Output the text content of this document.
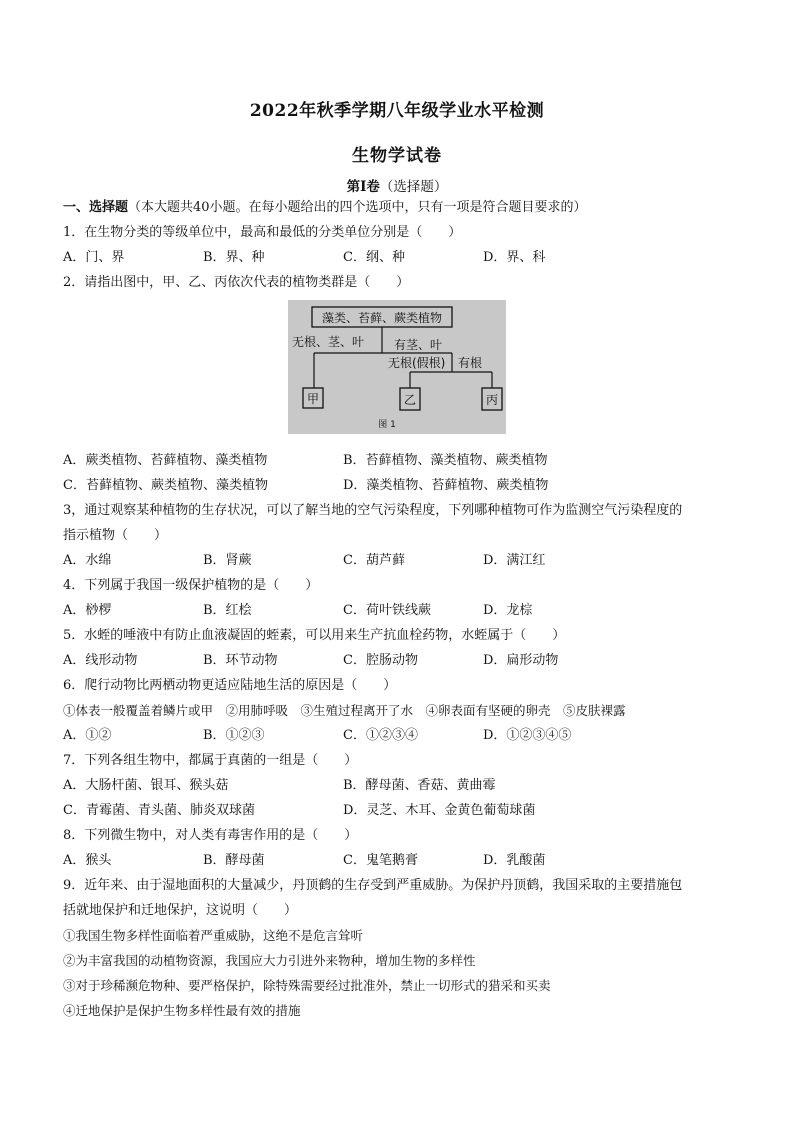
2022年秋季学期八年级学业水平检测
生物学试卷
第Ⅰ卷（选择题）
一、选择题（本大题共40小题。在每小题给出的四个选项中，只有一项是符合题目要求的）
1．在生物分类的等级单位中，最高和最低的分类单位分别是（　　）
A．门、界	B．界、种	C．纲、种	D．界、科
2．请指出图中，甲、乙、丙依次代表的植物类群是（　　）
藻类、苔藓、蕨类植物
无根、茎、叶 有茎、叶
甲
无根(假根) 有根
乙	丙
图 1
A．蕨类植物、苔藓植物、藻类植物	B．苔藓植物、藻类植物、蕨类植物
C．苔藓植物、蕨类植物、藻类植物	D．藻类植物、苔藓植物、蕨类植物
3，通过观察某种植物的生存状况，可以了解当地的空气污染程度，下列哪种植物可作为监测空气污染程度的
指示植物（　　）
A．水绵	B．肾蕨	C．葫芦藓	D．满江红
4．下列属于我国一级保护植物的是（　　）
A．桫椤	B．红桧	C．荷叶铁线蕨	D．龙棕
5．水蛭的唾液中有防止血液凝固的蛭素，可以用来生产抗血栓药物，水蛭属于（　　）
A．线形动物	B．环节动物	C．腔肠动物	D．扁形动物
6．爬行动物比两栖动物更适应陆地生活的原因是（　　）
①体表一般覆盖着鳞片或甲　②用肺呼吸　③生殖过程离开了水　④卵表面有坚硬的卵壳　⑤皮肤裸露
A．①②	B．①②③	C．①②③④	D．①②③④⑤
7．下列各组生物中，都属于真菌的一组是（　　）
A．大肠杆菌、银耳、猴头菇	B．酵母菌、香菇、黄曲霉
C．青霉菌、青头菌、肺炎双球菌	D．灵芝、木耳、金黄色葡萄球菌
8．下列微生物中，对人类有毒害作用的是（　　）
A．猴头	B．酵母菌	C．鬼笔鹅膏	D．乳酸菌
9．近年来、由于湿地面积的大量减少，丹顶鹤的生存受到严重威胁。为保护丹顶鹤，我国采取的主要措施包
括就地保护和迁地保护，这说明（　　）
①我国生物多样性面临着严重威胁，这绝不是危言耸听
②为丰富我国的动植物资源，我国应大力引进外来物种，增加生物的多样性
③对于珍稀濒危物种、要严格保护，除特殊需要经过批准外，禁止一切形式的猎采和买卖
④迁地保护是保护生物多样性最有效的措施
